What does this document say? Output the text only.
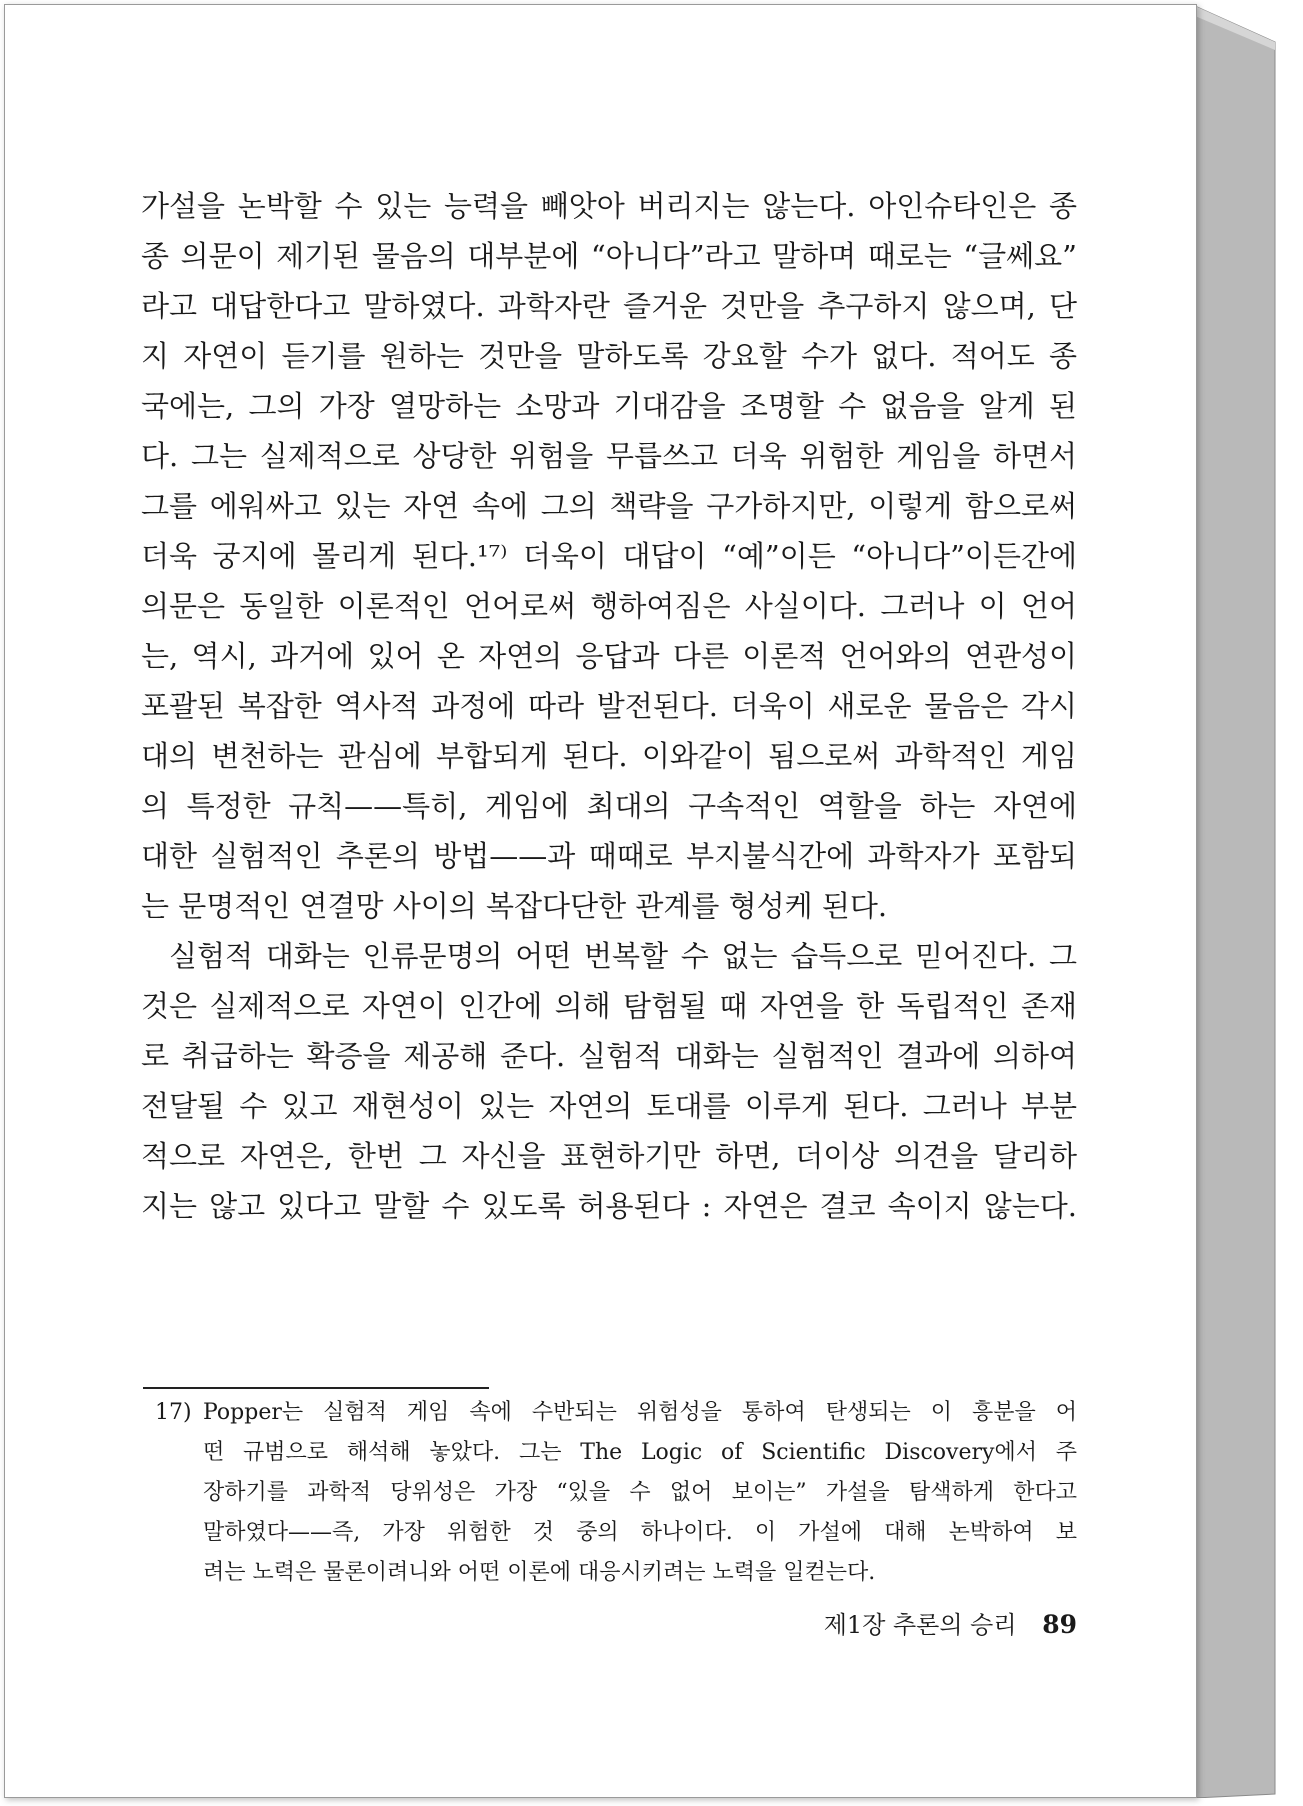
가설을 논박할 수 있는 능력을 빼앗아 버리지는 않는다. 아인슈타인은 종
종 의문이 제기된 물음의 대부분에 “아니다”라고 말하며 때로는 “글쎄요”
라고 대답한다고 말하였다. 과학자란 즐거운 것만을 추구하지 않으며, 단
지 자연이 듣기를 원하는 것만을 말하도록 강요할 수가 없다. 적어도 종
국에는, 그의 가장 열망하는 소망과 기대감을 조명할 수 없음을 알게 된
다. 그는 실제적으로 상당한 위험을 무릅쓰고 더욱 위험한 게임을 하면서
그를 에워싸고 있는 자연 속에 그의 책략을 구가하지만, 이렇게 함으로써
더욱 궁지에 몰리게 된다.¹⁷⁾ 더욱이 대답이 “예”이든 “아니다”이든간에
의문은 동일한 이론적인 언어로써 행하여짐은 사실이다. 그러나 이 언어
는, 역시, 과거에 있어 온 자연의 응답과 다른 이론적 언어와의 연관성이
포괄된 복잡한 역사적 과정에 따라 발전된다. 더욱이 새로운 물음은 각시
대의 변천하는 관심에 부합되게 된다. 이와같이 됨으로써 과학적인 게임
의 특정한 규칙——특히, 게임에 최대의 구속적인 역할을 하는 자연에
대한 실험적인 추론의 방법——과 때때로 부지불식간에 과학자가 포함되
는 문명적인 연결망 사이의 복잡다단한 관계를 형성케 된다.
실험적 대화는 인류문명의 어떤 번복할 수 없는 습득으로 믿어진다. 그
것은 실제적으로 자연이 인간에 의해 탐험될 때 자연을 한 독립적인 존재
로 취급하는 확증을 제공해 준다. 실험적 대화는 실험적인 결과에 의하여
전달될 수 있고 재현성이 있는 자연의 토대를 이루게 된다. 그러나 부분
적으로 자연은, 한번 그 자신을 표현하기만 하면, 더이상 의견을 달리하
지는 않고 있다고 말할 수 있도록 허용된다 : 자연은 결코 속이지 않는다.
17) Popper는 실험적 게임 속에 수반되는 위험성을 통하여 탄생되는 이 흥분을 어
떤 규범으로 해석해 놓았다. 그는 The Logic of Scientific Discovery에서 주
장하기를 과학적 당위성은 가장 “있을 수 없어 보이는” 가설을 탐색하게 한다고
말하였다——즉, 가장 위험한 것 중의 하나이다. 이 가설에 대해 논박하여 보
려는 노력은 물론이려니와 어떤 이론에 대응시키려는 노력을 일컫는다.
제1장 추론의 승리 89
